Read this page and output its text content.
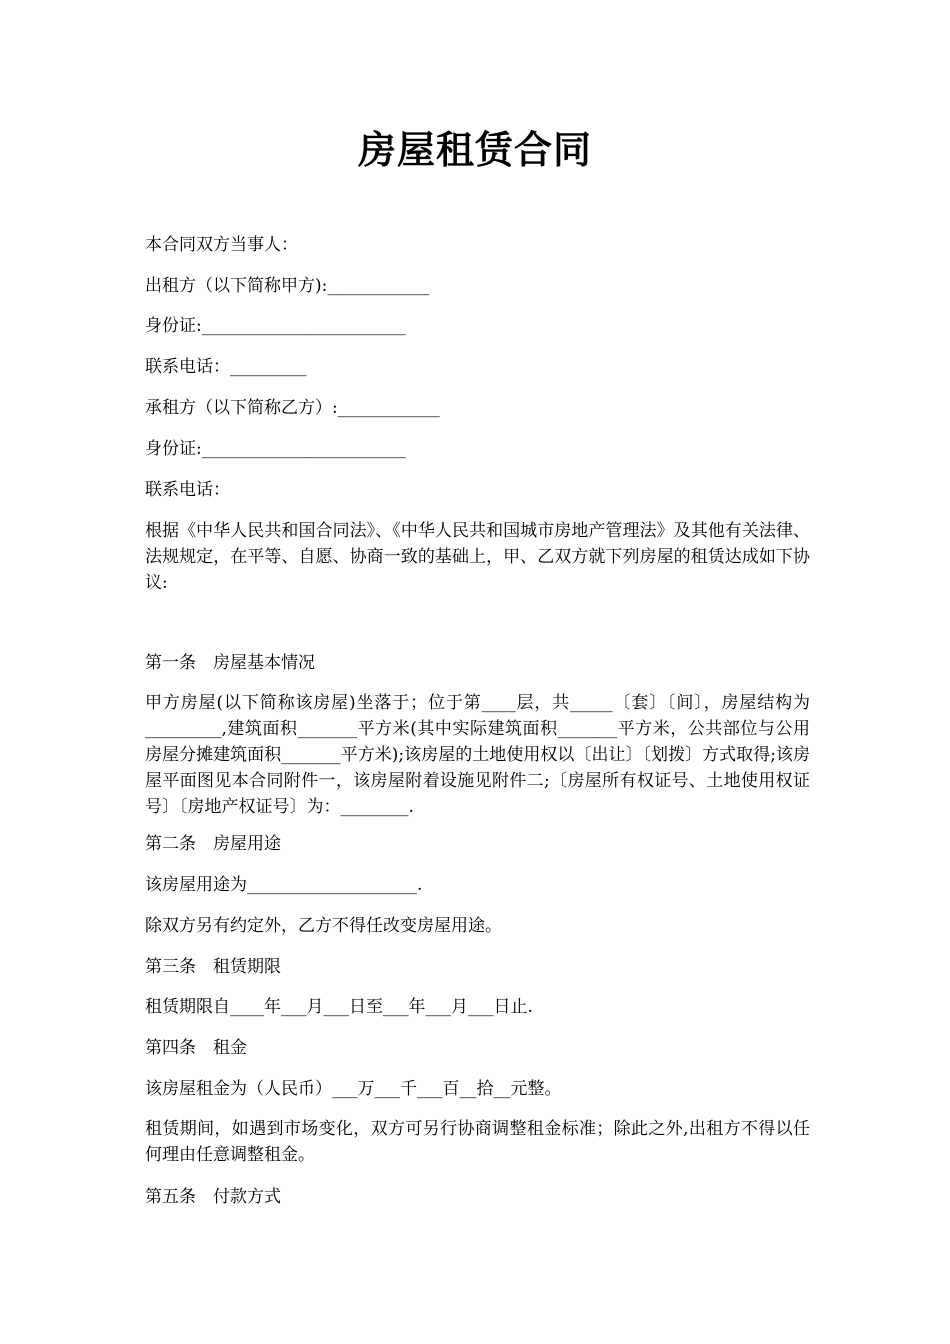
房屋租赁合同
本合同双方当事人：
出租方（以下简称甲方):____________
身份证:________________________
联系电话：_________
承租方（以下简称乙方）:____________
身份证:________________________
联系电话：
根据《中华人民共和国合同法》、《中华人民共和国城市房地产管理法》及其他有关法律、法规规定，在平等、自愿、协商一致的基础上，甲、乙双方就下列房屋的租赁达成如下协议:
第一条　房屋基本情况
甲方房屋(以下简称该房屋)坐落于；位于第____层，共_____〔套〕〔间〕，房屋结构为_________,建筑面积_______平方米(其中实际建筑面积_______平方米，公共部位与公用房屋分摊建筑面积_______平方米);该房屋的土地使用权以〔出让〕〔划拨〕方式取得;该房屋平面图见本合同附件一，该房屋附着设施见附件二;〔房屋所有权证号、土地使用权证号〕〔房地产权证号〕为：________.
第二条　房屋用途
该房屋用途为____________________.
除双方另有约定外，乙方不得任改变房屋用途。
第三条　租赁期限
租赁期限自____年___月___日至___年___月___日止.
第四条　租金
该房屋租金为（人民币）___万___千___百__拾__元整。
租赁期间，如遇到市场变化，双方可另行协商调整租金标准；除此之外,出租方不得以任何理由任意调整租金。
第五条　付款方式
